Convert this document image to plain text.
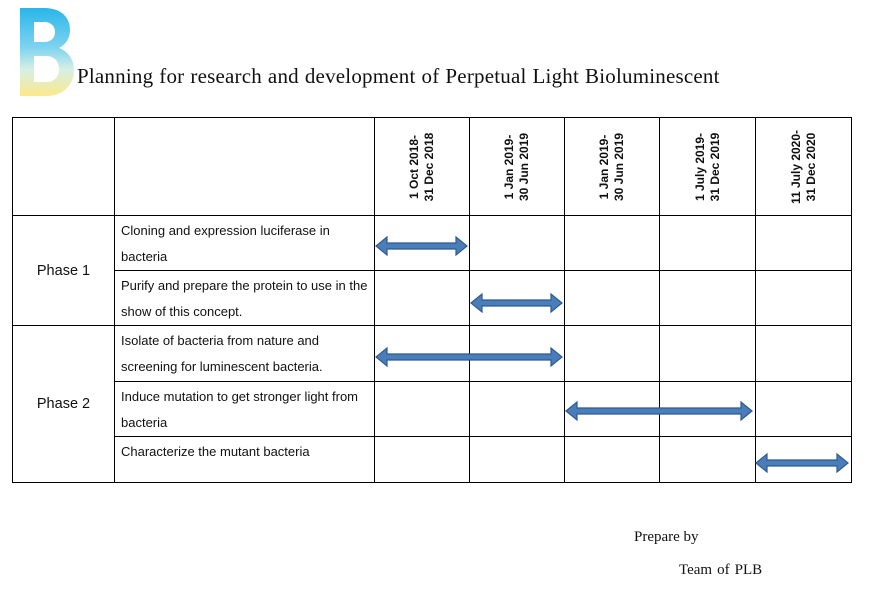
Planning for research and development of Perpetual Light Bioluminescent

		1 Oct 2018- 31 Dec 2018	1 Jan 2019- 30 Jun 2019	1 Jan 2019- 30 Jun 2019	1 July 2019- 31 Dec 2019	11 July 2020- 31 Dec 2020

Phase 1	Cloning and expression luciferase in bacteria					
	Purify and prepare the protein to use in the show of this concept.					
Phase 2	Isolate of bacteria from nature and screening for luminescent bacteria.					
	Induce mutation to get stronger light from bacteria					
	Characterize the mutant bacteria					
Prepare by
Team of PLB
